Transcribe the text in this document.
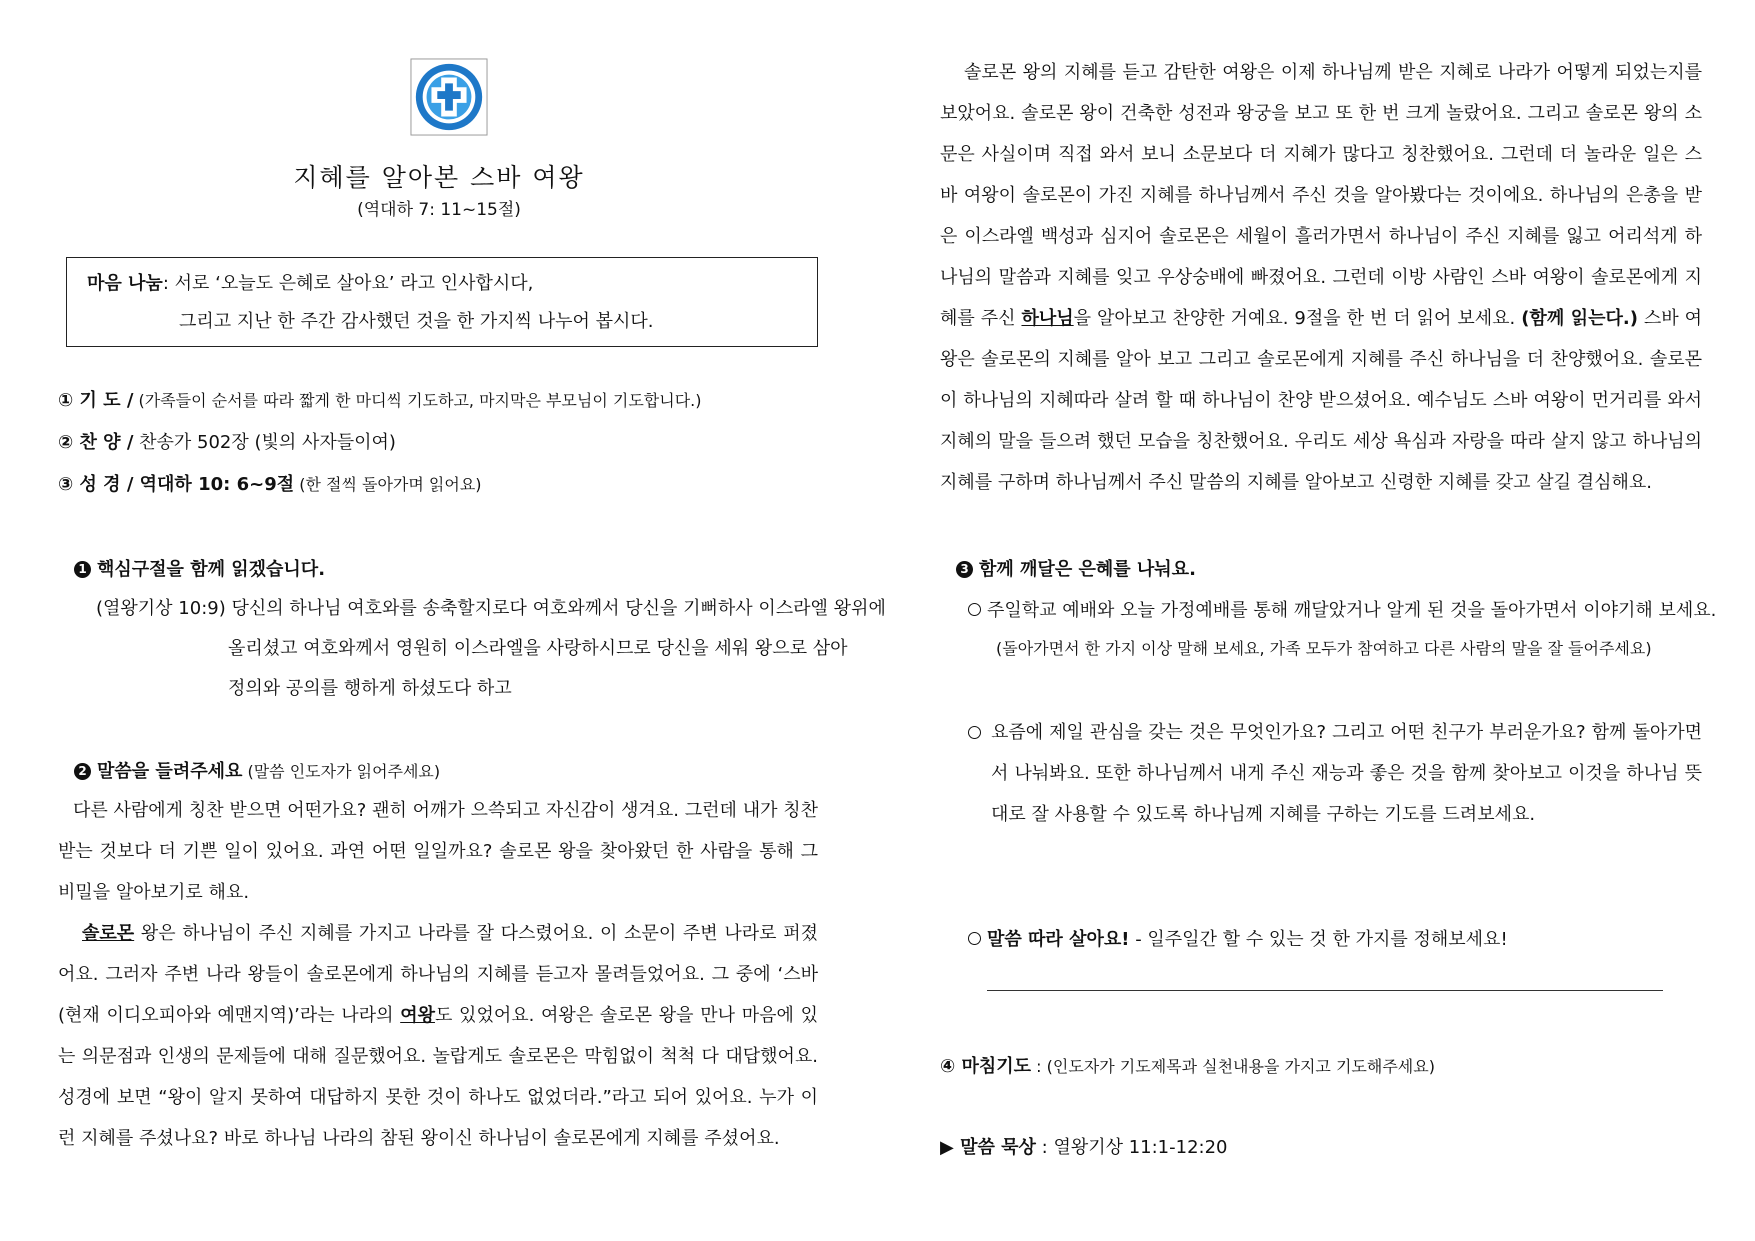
지혜를 알아본 스바 여왕
(역대하 7: 11~15절)
마음 나눔: 서로 ‘오늘도 은혜로 살아요’ 라고 인사합시다,
그리고 지난 한 주간 감사했던 것을 한 가지씩 나누어 봅시다.
① 기 도 / (가족들이 순서를 따라 짧게 한 마디씩 기도하고, 마지막은 부모님이 기도합니다.)
② 찬 양 / 찬송가 502장 (빛의 사자들이여)
③ 성 경 / 역대하 10: 6~9절 (한 절씩 돌아가며 읽어요)
1 핵심구절을 함께 읽겠습니다.
(열왕기상 10:9) 당신의 하나님 여호와를 송축할지로다 여호와께서 당신을 기뻐하사 이스라엘 왕위에
올리셨고 여호와께서 영원히 이스라엘을 사랑하시므로 당신을 세워 왕으로 삼아
정의와 공의를 행하게 하셨도다 하고
2 말씀을 들려주세요 (말씀 인도자가 읽어주세요)
다른 사람에게 칭찬 받으면 어떤가요? 괜히 어깨가 으쓱되고 자신감이 생겨요. 그런데 내가 칭찬 받는 것보다 더 기쁜 일이 있어요. 과연 어떤 일일까요? 솔로몬 왕을 찾아왔던 한 사람을 통해 그 비밀을 알아보기로 해요.
솔로몬 왕은 하나님이 주신 지혜를 가지고 나라를 잘 다스렸어요. 이 소문이 주변 나라로 퍼졌어요. 그러자 주변 나라 왕들이 솔로몬에게 하나님의 지혜를 듣고자 몰려들었어요. 그 중에 ‘스바(현재 이디오피아와 예맨지역)’라는 나라의 여왕도 있었어요. 여왕은 솔로몬 왕을 만나 마음에 있는 의문점과 인생의 문제들에 대해 질문했어요. 놀랍게도 솔로몬은 막힘없이 척척 다 대답했어요. 성경에 보면 “왕이 알지 못하여 대답하지 못한 것이 하나도 없었더라.”라고 되어 있어요. 누가 이런 지혜를 주셨나요? 바로 하나님 나라의 참된 왕이신 하나님이 솔로몬에게 지혜를 주셨어요.
솔로몬 왕의 지혜를 듣고 감탄한 여왕은 이제 하나님께 받은 지혜로 나라가 어떻게 되었는지를 보았어요. 솔로몬 왕이 건축한 성전과 왕궁을 보고 또 한 번 크게 놀랐어요. 그리고 솔로몬 왕의 소문은 사실이며 직접 와서 보니 소문보다 더 지혜가 많다고 칭찬했어요. 그런데 더 놀라운 일은 스바 여왕이 솔로몬이 가진 지혜를 하나님께서 주신 것을 알아봤다는 것이에요. 하나님의 은총을 받은 이스라엘 백성과 심지어 솔로몬은 세월이 흘러가면서 하나님이 주신 지혜를 잃고 어리석게 하나님의 말씀과 지혜를 잊고 우상숭배에 빠졌어요. 그런데 이방 사람인 스바 여왕이 솔로몬에게 지혜를 주신 하나님을 알아보고 찬양한 거예요. 9절을 한 번 더 읽어 보세요. (함께 읽는다.) 스바 여왕은 솔로몬의 지혜를 알아 보고 그리고 솔로몬에게 지혜를 주신 하나님을 더 찬양했어요. 솔로몬이 하나님의 지혜따라 살려 할 때 하나님이 찬양 받으셨어요. 예수님도 스바 여왕이 먼거리를 와서 지혜의 말을 들으려 했던 모습을 칭찬했어요. 우리도 세상 욕심과 자랑을 따라 살지 않고 하나님의 지혜를 구하며 하나님께서 주신 말씀의 지혜를 알아보고 신령한 지혜를 갖고 살길 결심해요.
3 함께 깨달은 은혜를 나눠요.
주일학교 예배와 오늘 가정예배를 통해 깨달았거나 알게 된 것을 돌아가면서 이야기해 보세요.
(돌아가면서 한 가지 이상 말해 보세요, 가족 모두가 참여하고 다른 사람의 말을 잘 들어주세요)
요즘에 제일 관심을 갖는 것은 무엇인가요? 그리고 어떤 친구가 부러운가요? 함께 돌아가면서 나눠봐요. 또한 하나님께서 내게 주신 재능과 좋은 것을 함께 찾아보고 이것을 하나님 뜻대로 잘 사용할 수 있도록 하나님께 지혜를 구하는 기도를 드려보세요.
말씀 따라 살아요! - 일주일간 할 수 있는 것 한 가지를 정해보세요!
④ 마침기도 : (인도자가 기도제목과 실천내용을 가지고 기도해주세요)
▶ 말씀 묵상 : 열왕기상 11:1-12:20
